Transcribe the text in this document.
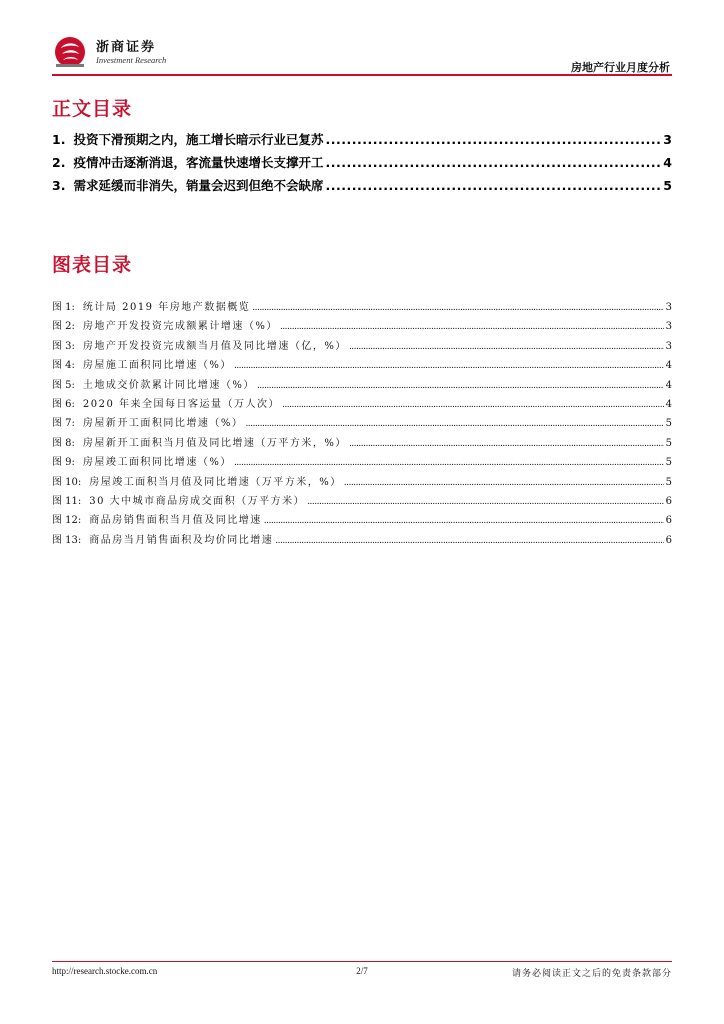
浙商证券
Investment Research
房地产行业月度分析
正文目录
1. 投资下滑预期之内，施工增长暗示行业已复苏 .....	3
2. 疫情冲击逐渐消退，客流量快速增长支撑开工 .....	4
3. 需求延缓而非消失，销量会迟到但绝不会缺席 .....	5
图表目录
图 1: 统计局 2019 年房地产数据概览 .....	3
图 2: 房地产开发投资完成额累计增速（%） .....	3
图 3: 房地产开发投资完成额当月值及同比增速（亿，%） .....	3
图 4: 房屋施工面积同比增速（%） .....	4
图 5: 土地成交价款累计同比增速（%） .....	4
图 6: 2020 年来全国每日客运量（万人次） .....	4
图 7: 房屋新开工面积同比增速（%） .....	5
图 8: 房屋新开工面积当月值及同比增速（万平方米，%） .....	5
图 9: 房屋竣工面积同比增速（%） .....	5
图 10: 房屋竣工面积当月值及同比增速（万平方米，%） .....	5
图 11: 30 大中城市商品房成交面积（万平方米） .....	6
图 12: 商品房销售面积当月值及同比增速 .....	6
图 13: 商品房当月销售面积及均价同比增速 .....	6
http://research.stocke.com.cn	2/7	请务必阅读正文之后的免责条款部分
